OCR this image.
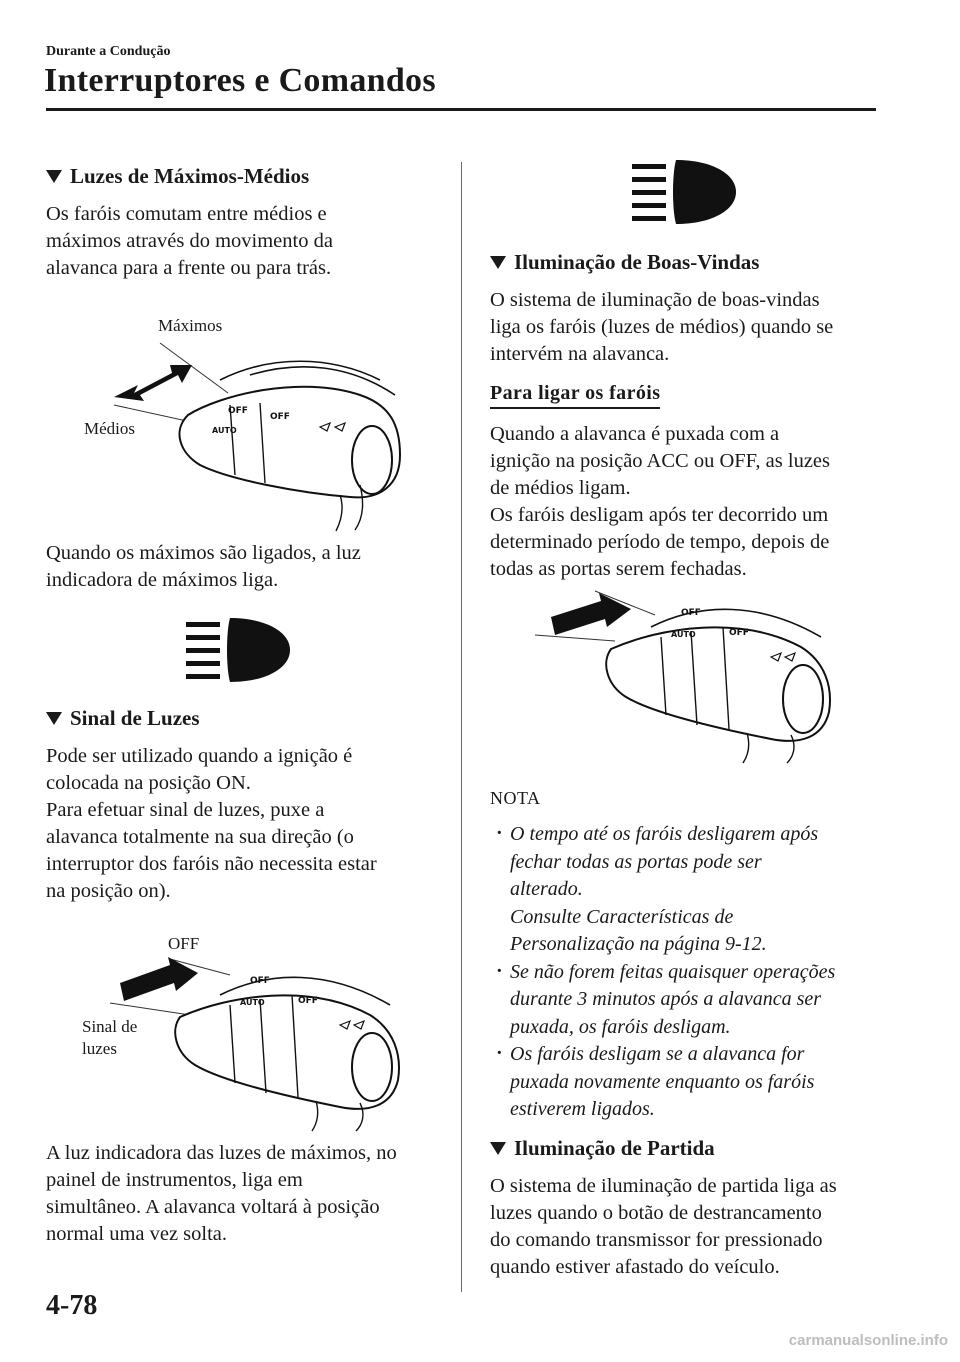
Durante a Condução
Interruptores e Comandos
Luzes de Máximos-Médios

Os faróis comutam entre médios e
máximos através do movimento da
alavanca para a frente ou para trás.

Máximos
Médios
OFF
OFF
AUTO

Quando os máximos são ligados, a luz
indicadora de máximos liga.

Sinal de Luzes

Pode ser utilizado quando a ignição é
colocada na posição ON.
Para efetuar sinal de luzes, puxe a
alavanca totalmente na sua direção (o
interruptor dos faróis não necessita estar
na posição on).

OFF
Sinal de
luzes
OFF
OFF
AUTO

A luz indicadora das luzes de máximos, no
painel de instrumentos, liga em
simultâneo. A alavanca voltará à posição
normal uma vez solta.

Iluminação de Boas-Vindas

O sistema de iluminação de boas-vindas
liga os faróis (luzes de médios) quando se
intervém na alavanca.

Para ligar os faróis

Quando a alavanca é puxada com a
ignição na posição ACC ou OFF, as luzes
de médios ligam.
Os faróis desligam após ter decorrido um
determinado período de tempo, depois de
todas as portas serem fechadas.

OFF
OFF
AUTO
NOTA
· O tempo até os faróis desligarem após
fechar todas as portas pode ser
alterado.
Consulte Características de
Personalização na página 9-12.
· Se não forem feitas quaisquer operações
durante 3 minutos após a alavanca ser
puxada, os faróis desligam.
· Os faróis desligam se a alavanca for
puxada novamente enquanto os faróis
estiverem ligados.
Iluminação de Partida

O sistema de iluminação de partida liga as
luzes quando o botão de destrancamento
do comando transmissor for pressionado
quando estiver afastado do veículo.

4-78
carmanualsonline.info
